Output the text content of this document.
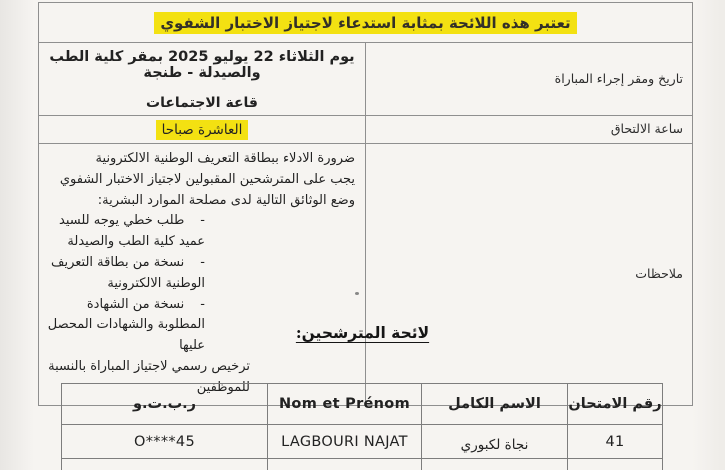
تعتبر هذه اللائحة بمثابة استدعاء لاجتياز الاختبار الشفوي	
تاريخ ومقر إجراء المباراة	يوم الثلاثاء 22 يوليو 2025 بمقر كلية الطب والصيدلة - طنجة
قاعة الاجتماعات

ساعة الالتحاق	العاشرة صباحا
ملاحظات	
ضرورة الادلاء ببطاقة التعريف الوطنية الالكترونية
يجب على المترشحين المقبولين لاجتياز الاختبار الشفوي وضع الوثائق التالية لدى مصلحة الموارد البشرية:
- طلب خطي يوجه للسيد عميد كلية الطب والصيدلة
- نسخة من بطاقة التعريف الوطنية الالكترونية
- نسخة من الشهادة المطلوبة والشهادات المحصل عليها
ترخيص رسمي لاجتياز المباراة بالنسبة للموظفين
لائحة المترشحين:
رقم الامتحان	الاسم الكامل	Nom et Prénom	ر.ب.ت.و
41	نجاة لكبوري	LAGBOURI NAJAT	O****45
